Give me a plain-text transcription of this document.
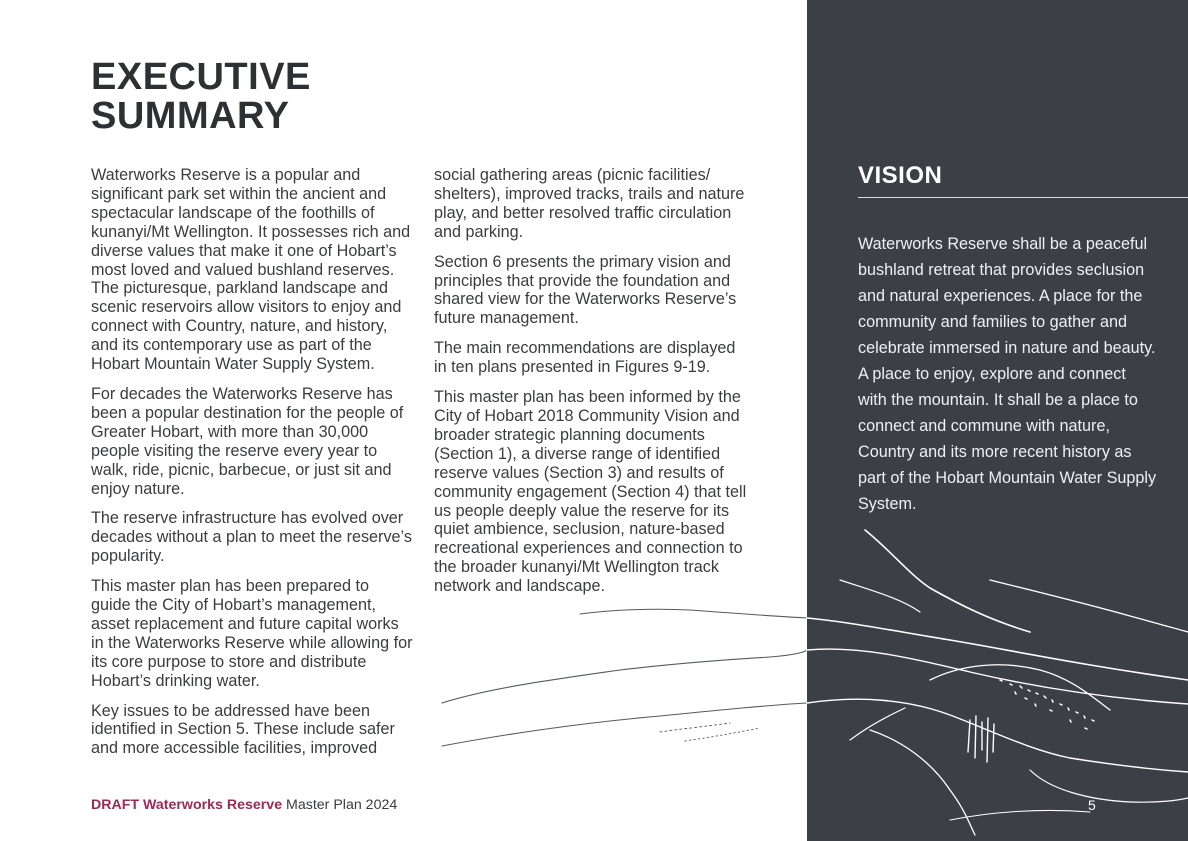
EXECUTIVE
SUMMARY

Waterworks Reserve is a popular and significant park set within the ancient and spectacular landscape of the foothills of kunanyi/Mt Wellington. It possesses rich and diverse values that make it one of Hobart’s most loved and valued bushland reserves. The picturesque, parkland landscape and scenic reservoirs allow visitors to enjoy and connect with Country, nature, and history, and its contemporary use as part of the Hobart Mountain Water Supply System.

For decades the Waterworks Reserve has been a popular destination for the people of Greater Hobart, with more than 30,000 people visiting the reserve every year to walk, ride, picnic, barbecue, or just sit and enjoy nature.

The reserve infrastructure has evolved over decades without a plan to meet the reserve’s popularity.

This master plan has been prepared to guide the City of Hobart’s management, asset replacement and future capital works in the Waterworks Reserve while allowing for its core purpose to store and distribute Hobart’s drinking water.

Key issues to be addressed have been identified in Section 5. These include safer and more accessible facilities, improved

social gathering areas (picnic facilities/ shelters), improved tracks, trails and nature play, and better resolved traffic circulation and parking.

Section 6 presents the primary vision and principles that provide the foundation and shared view for the Waterworks Reserve’s future management.

The main recommendations are displayed in ten plans presented in Figures 9-19.

This master plan has been informed by the City of Hobart 2018 Community Vision and broader strategic planning documents (Section 1), a diverse range of identified reserve values (Section 3) and results of community engagement (Section 4) that tell us people deeply value the reserve for its quiet ambience, seclusion, nature-based recreational experiences and connection to the broader kunanyi/Mt Wellington track network and landscape.

DRAFT Waterworks Reserve Master Plan 2024
VISION

Waterworks Reserve shall be a peaceful bushland retreat that provides seclusion and natural experiences. A place for the community and families to gather and celebrate immersed in nature and beauty. A place to enjoy, explore and connect with the mountain. It shall be a place to connect and commune with nature, Country and its more recent history as part of the Hobart Mountain Water Supply System.

5
